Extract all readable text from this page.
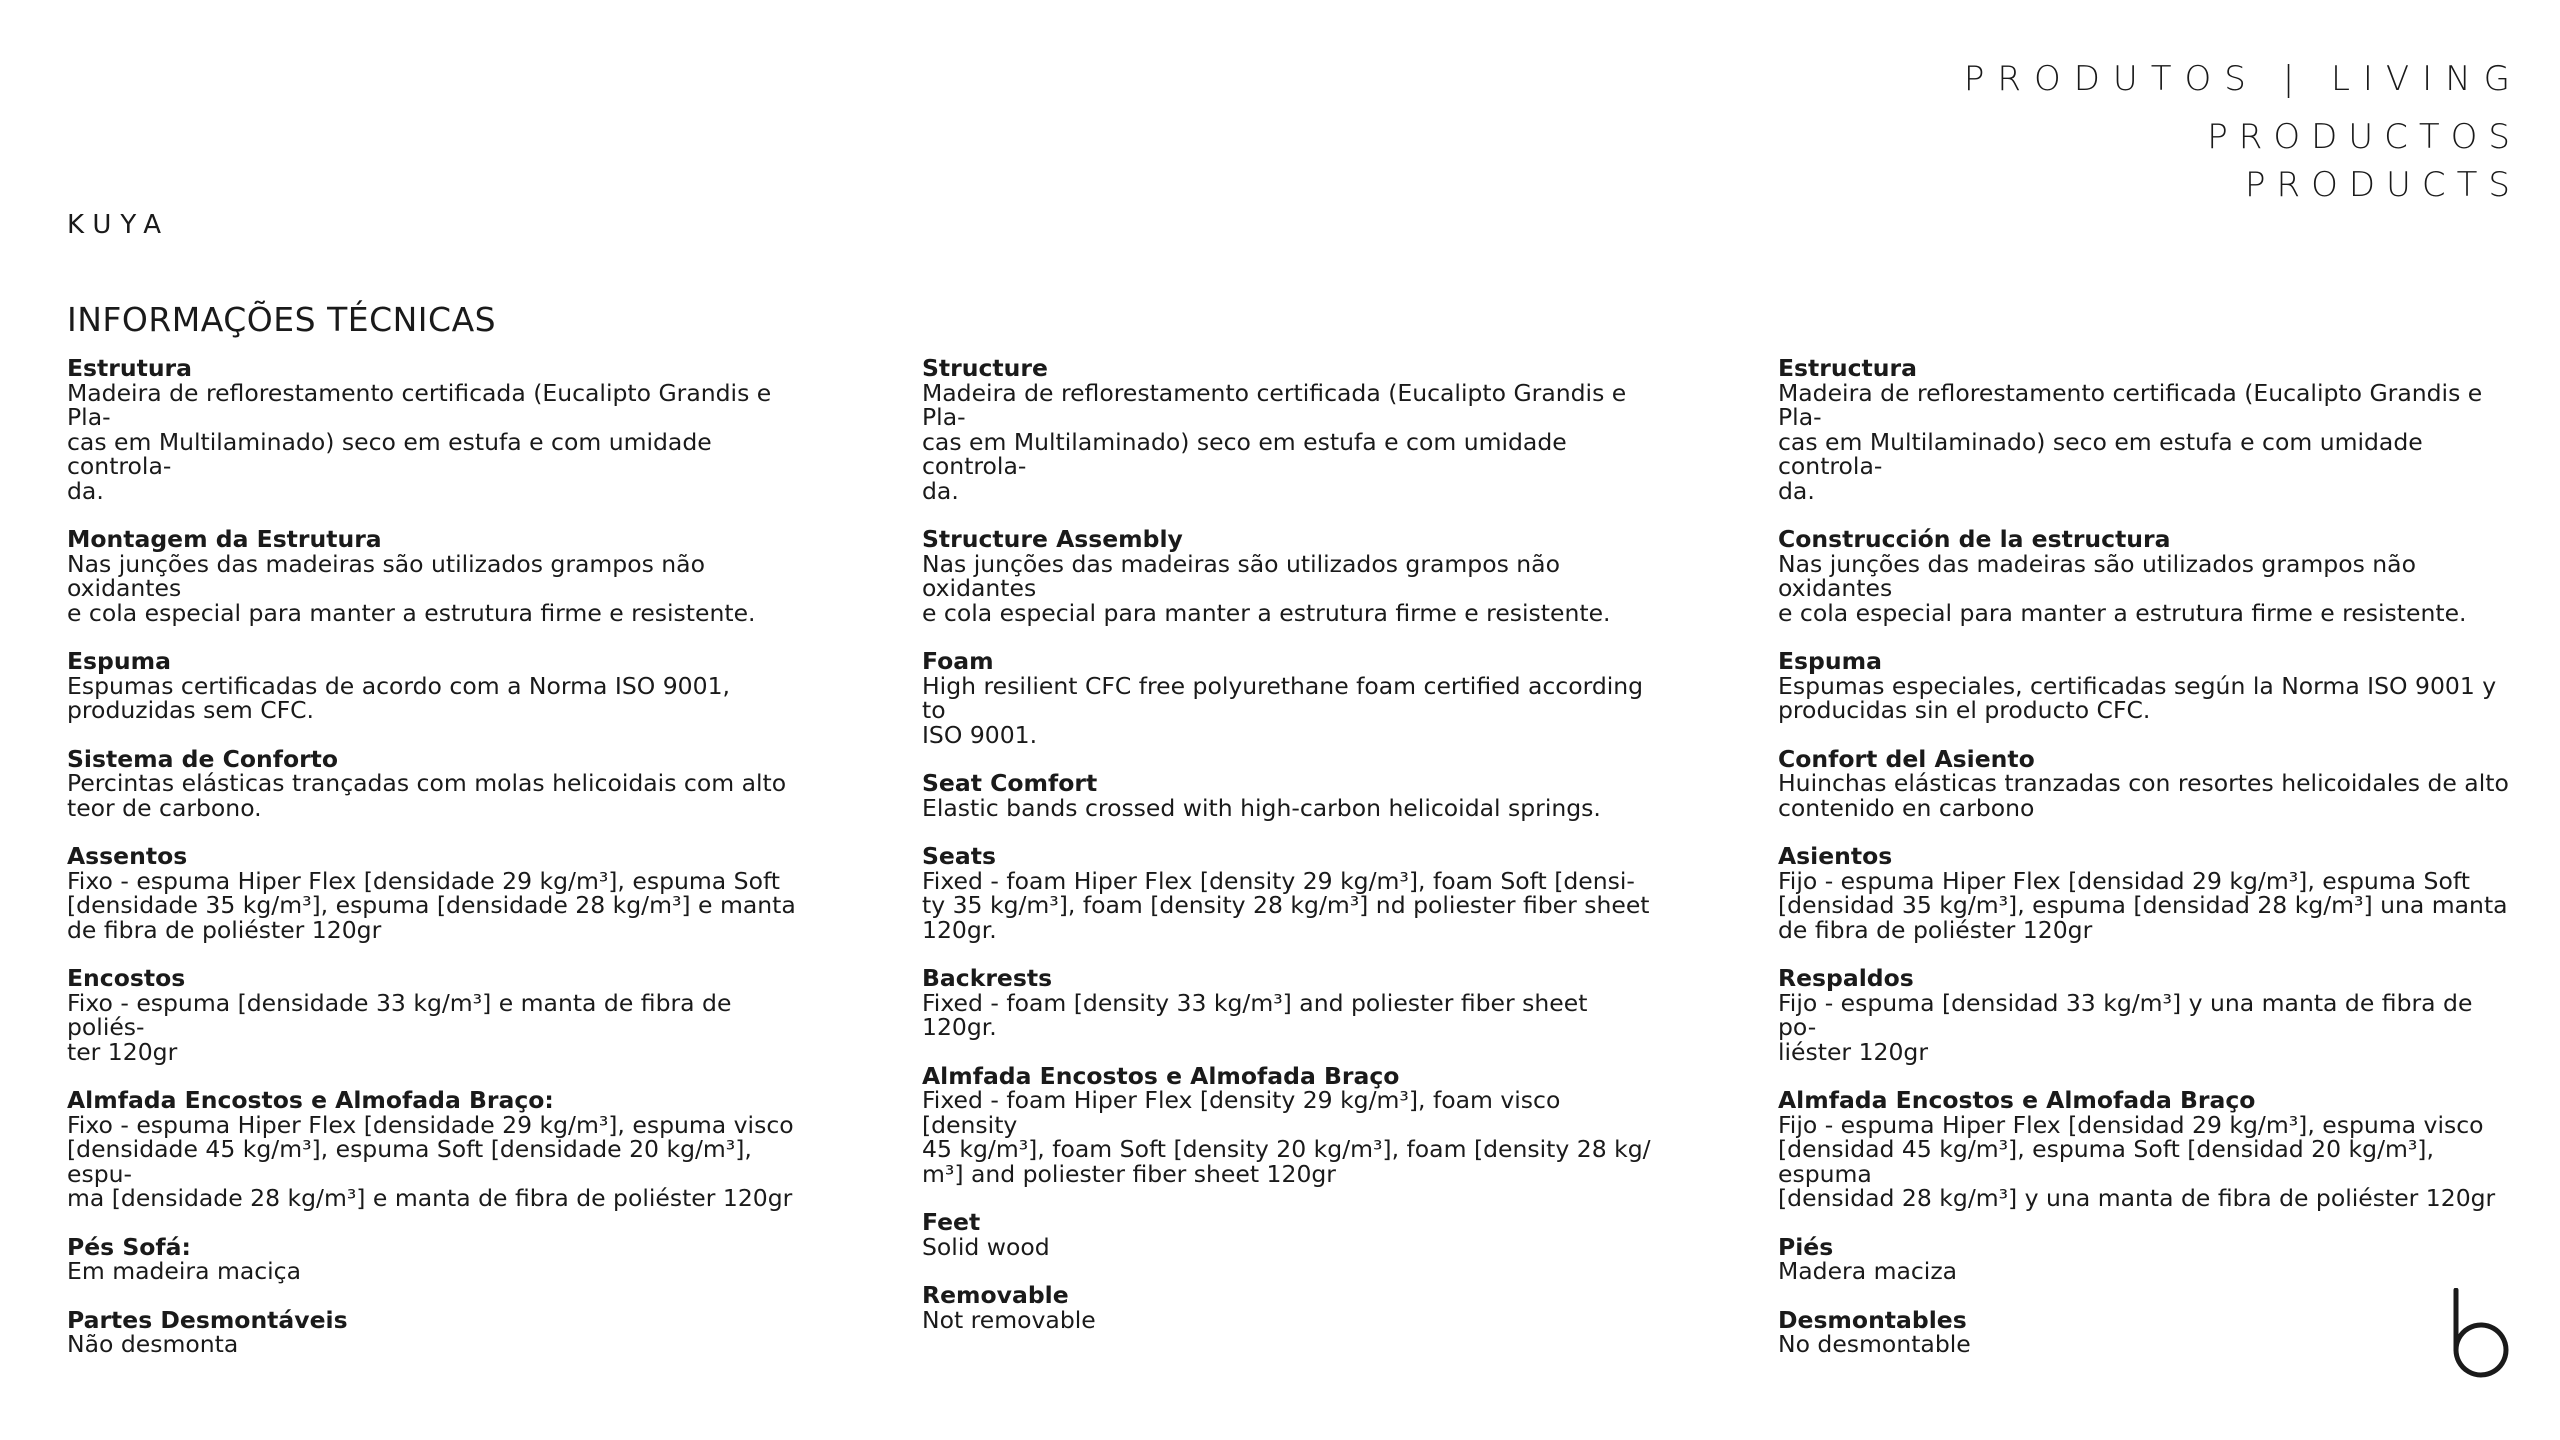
PRODUTOS | LIVING
PRODUCTOS
PRODUCTS
KUYA
INFORMAÇÕES TÉCNICAS
Estrutura
Madeira de reflorestamento certificada (Eucalipto Grandis e Pla-
cas em Multilaminado) seco em estufa e com umidade controla-
da.
Montagem da Estrutura
Nas junções das madeiras são utilizados grampos não oxidantes
e cola especial para manter a estrutura firme e resistente.
Espuma
Espumas certificadas de acordo com a Norma ISO 9001,
produzidas sem CFC.
Sistema de Conforto
Percintas elásticas trançadas com molas helicoidais com alto
teor de carbono.
Assentos
Fixo - espuma Hiper Flex [densidade 29 kg/m³], espuma Soft
[densidade 35 kg/m³], espuma [densidade 28 kg/m³] e manta
de fibra de poliéster 120gr
Encostos
Fixo - espuma [densidade 33 kg/m³] e manta de fibra de poliés-
ter 120gr
Almfada Encostos e Almofada Braço:
Fixo - espuma Hiper Flex [densidade 29 kg/m³], espuma visco
[densidade 45 kg/m³], espuma Soft [densidade 20 kg/m³], espu-
ma [densidade 28 kg/m³] e manta de fibra de poliéster 120gr
Pés Sofá:
Em madeira maciça
Partes Desmontáveis
Não desmonta
Structure
Madeira de reflorestamento certificada (Eucalipto Grandis e Pla-
cas em Multilaminado) seco em estufa e com umidade controla-
da.
Structure Assembly
Nas junções das madeiras são utilizados grampos não oxidantes
e cola especial para manter a estrutura firme e resistente.
Foam
High resilient CFC free polyurethane foam certified according to
ISO 9001.
Seat Comfort
Elastic bands crossed with high-carbon helicoidal springs.
Seats
Fixed - foam Hiper Flex [density 29 kg/m³], foam Soft [densi-
ty 35 kg/m³], foam [density 28 kg/m³] nd poliester fiber sheet
120gr.
Backrests
Fixed - foam [density 33 kg/m³] and poliester fiber sheet 120gr.
Almfada Encostos e Almofada Braço
Fixed - foam Hiper Flex [density 29 kg/m³], foam visco [density
45 kg/m³], foam Soft [density 20 kg/m³], foam [density 28 kg/
m³] and poliester fiber sheet 120gr
Feet
Solid wood
Removable
Not removable
Estructura
Madeira de reflorestamento certificada (Eucalipto Grandis e Pla-
cas em Multilaminado) seco em estufa e com umidade controla-
da.
Construcción de la estructura
Nas junções das madeiras são utilizados grampos não oxidantes
e cola especial para manter a estrutura firme e resistente.
Espuma
Espumas especiales, certificadas según la Norma ISO 9001 y
producidas sin el producto CFC.
Confort del Asiento
Huinchas elásticas tranzadas con resortes helicoidales de alto
contenido en carbono
Asientos
Fijo - espuma Hiper Flex [densidad 29 kg/m³], espuma Soft
[densidad 35 kg/m³], espuma [densidad 28 kg/m³] una manta
de fibra de poliéster 120gr
Respaldos
Fijo - espuma [densidad 33 kg/m³] y una manta de fibra de po-
liéster 120gr
Almfada Encostos e Almofada Braço
Fijo - espuma Hiper Flex [densidad 29 kg/m³], espuma visco
[densidad 45 kg/m³], espuma Soft [densidad 20 kg/m³], espuma
[densidad 28 kg/m³] y una manta de fibra de poliéster 120gr
Piés
Madera maciza
Desmontables
No desmontable
